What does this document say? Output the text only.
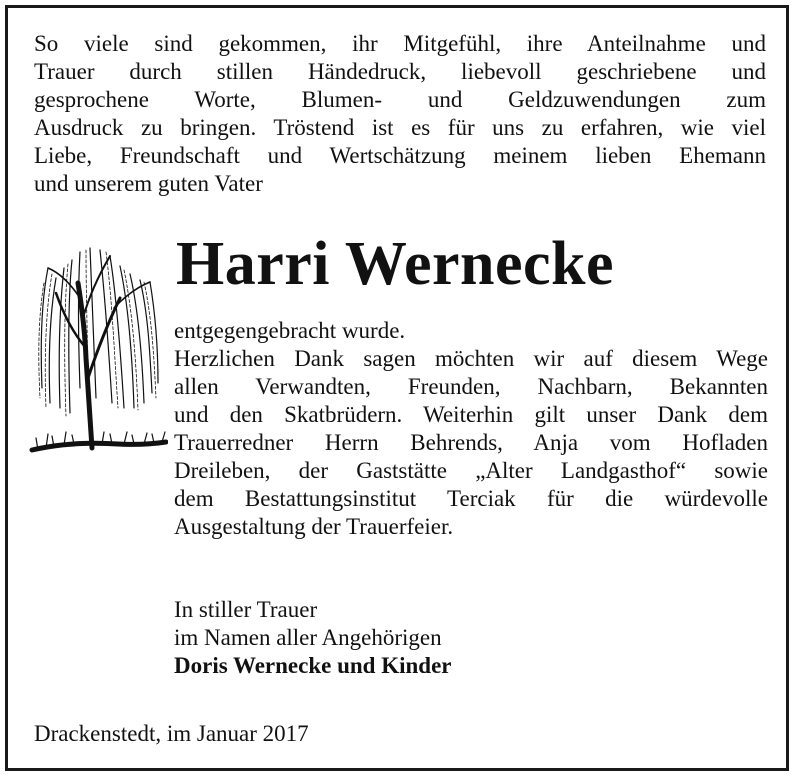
So viele sind gekommen, ihr Mitgefühl, ihre Anteilnahme und
Trauer durch stillen Händedruck, liebevoll geschriebene und
gesprochene Worte, Blumen- und Geldzuwendungen zum
Ausdruck zu bringen. Tröstend ist es für uns zu erfahren, wie viel
Liebe, Freundschaft und Wertschätzung meinem lieben Ehemann
und unserem guten Vater
Harri Wernecke
entgegengebracht wurde.
Herzlichen Dank sagen möchten wir auf diesem Wege
allen Verwandten, Freunden, Nachbarn, Bekannten
und den Skatbrüdern. Weiterhin gilt unser Dank dem
Trauerredner Herrn Behrends, Anja vom Hofladen
Dreileben, der Gaststätte „Alter Landgasthof“ sowie
dem Bestattungsinstitut Terciak für die würdevolle
Ausgestaltung der Trauerfeier.
In stiller Trauer
im Namen aller Angehörigen
Doris Wernecke und Kinder
Drackenstedt, im Januar 2017
